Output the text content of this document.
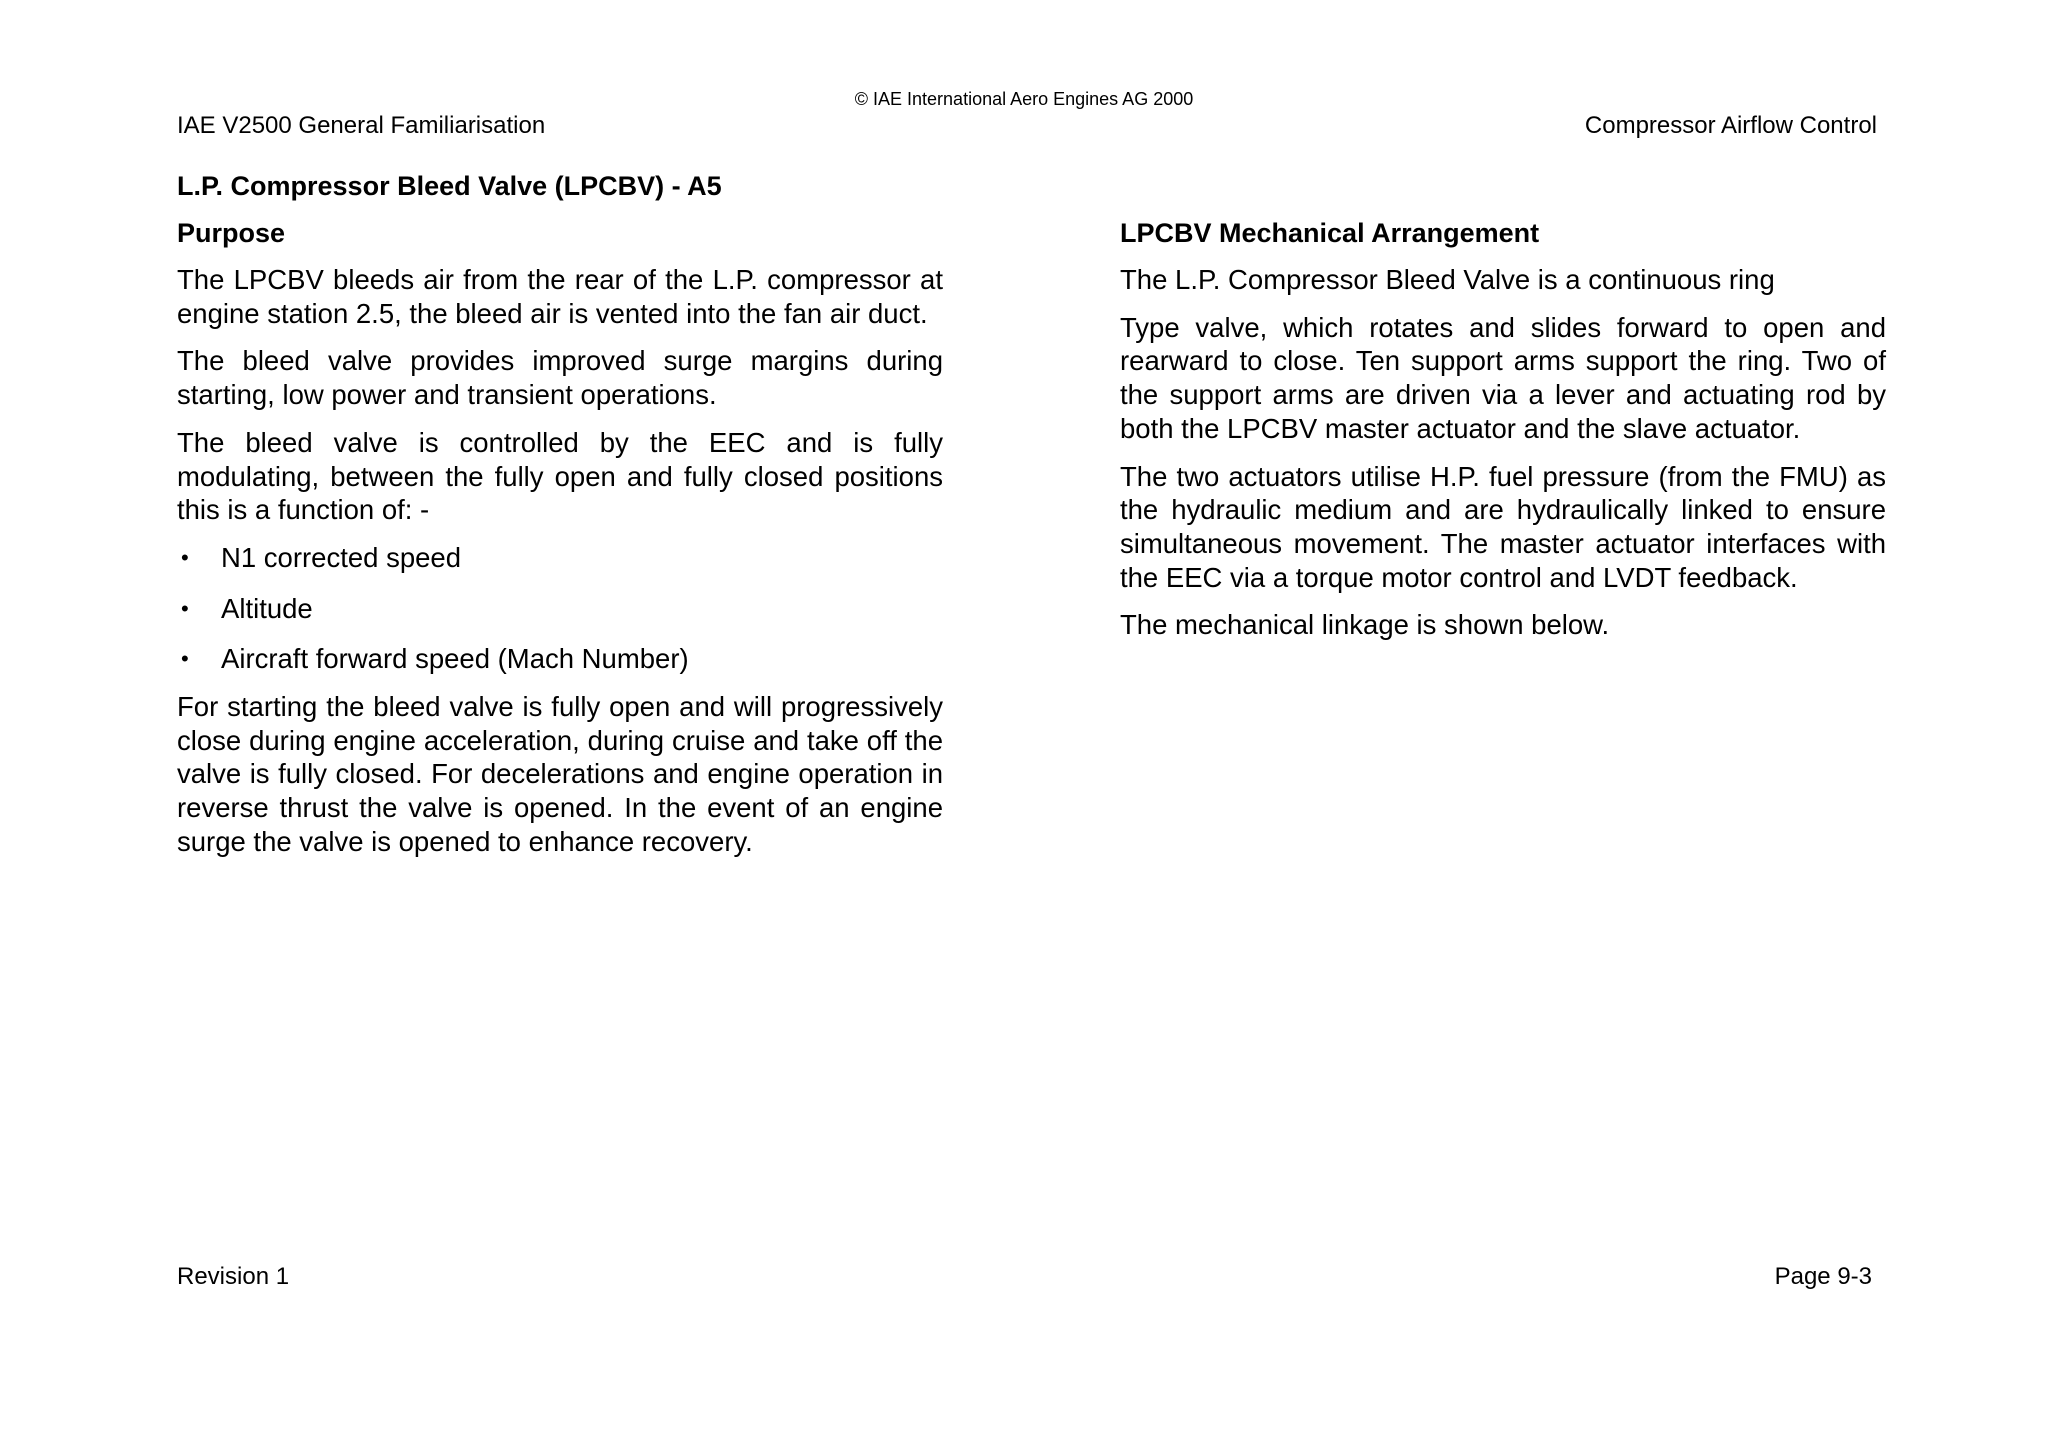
© IAE International Aero Engines AG 2000
IAE V2500 General Familiarisation	Compressor Airflow Control
L.P. Compressor Bleed Valve (LPCBV) - A5
Purpose

The LPCBV bleeds air from the rear of the L.P. compressor at engine station 2.5, the bleed air is vented into the fan air duct.

The bleed valve provides improved surge margins during starting, low power and transient operations.

The bleed valve is controlled by the EEC and is fully modulating, between the fully open and fully closed positions this is a function of: -

• N1 corrected speed
• Altitude
• Aircraft forward speed (Mach Number)

For starting the bleed valve is fully open and will progressively close during engine acceleration, during cruise and take off the valve is fully closed. For decelerations and engine operation in reverse thrust the valve is opened. In the event of an engine surge the valve is opened to enhance recovery.

LPCBV Mechanical Arrangement

The L.P. Compressor Bleed Valve is a continuous ring

Type valve, which rotates and slides forward to open and rearward to close. Ten support arms support the ring. Two of the support arms are driven via a lever and actuating rod by both the LPCBV master actuator and the slave actuator.

The two actuators utilise H.P. fuel pressure (from the FMU) as the hydraulic medium and are hydraulically linked to ensure simultaneous movement. The master actuator interfaces with the EEC via a torque motor control and LVDT feedback.

The mechanical linkage is shown below.

Revision 1	Page 9-3
